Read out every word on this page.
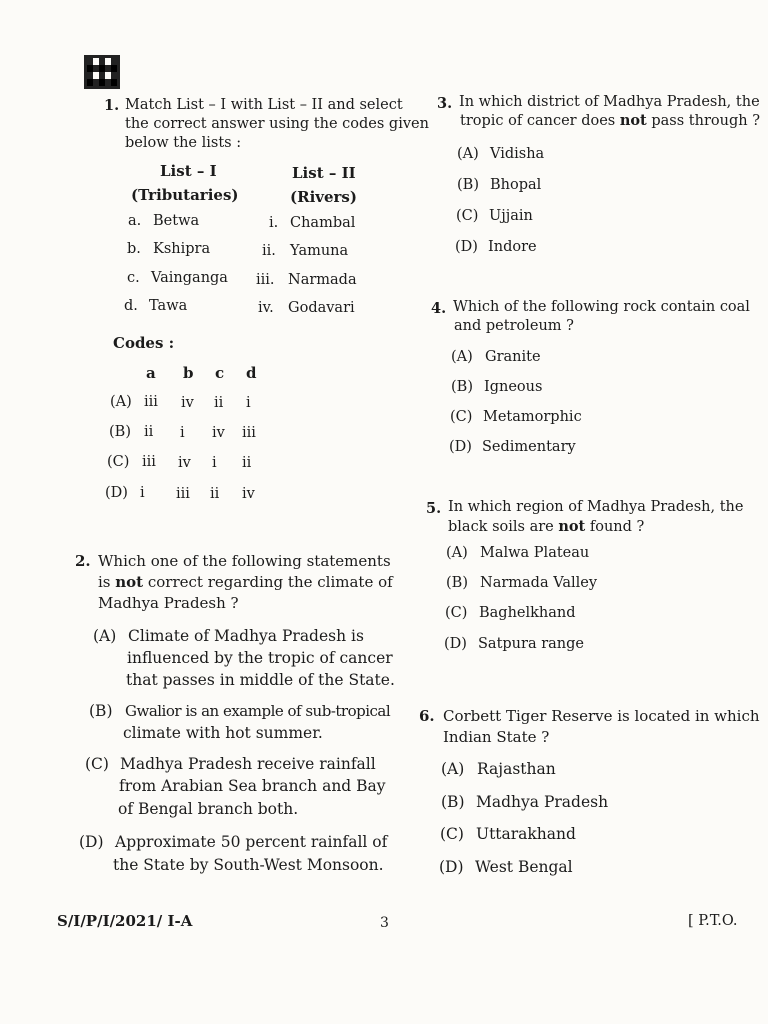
1. Match List – I with List – II and select
the correct answer using the codes given
below the lists :
List – I
(Tributaries)
List – II
(Rivers)
a. Betwa	i. Chambal
b. Kshipra	ii. Yamuna
c. Vainganga iii. Narmada
d. Tawa	iv. Godavari
Codes :
a b c d
(A) iii iv ii i
(B) ii i iv iii
(C) iii iv i ii
(D) i iii ii iv
2. Which one of the following statements
is not correct regarding the climate of
Madhya Pradesh ?
(A) Climate of Madhya Pradesh is
influenced by the tropic of cancer
that passes in middle of the State.
(B) Gwalior is an example of sub-tropical
climate with hot summer.
(C) Madhya Pradesh receive rainfall
from Arabian Sea branch and Bay
of Bengal branch both.
(D) Approximate 50 percent rainfall of
the State by South-West Monsoon.
3. In which district of Madhya Pradesh, the
tropic of cancer does not pass through ?
(A) Vidisha
(B) Bhopal
(C) Ujjain
(D) Indore
4. Which of the following rock contain coal
and petroleum ?
(A) Granite
(B) Igneous
(C) Metamorphic
(D) Sedimentary
5. In which region of Madhya Pradesh, the
black soils are not found ?
(A) Malwa Plateau
(B) Narmada Valley
(C) Baghelkhand
(D) Satpura range
6. Corbett Tiger Reserve is located in which
Indian State ?
(A) Rajasthan
(B) Madhya Pradesh
(C) Uttarakhand
(D) West Bengal
S/I/P/I/2021/ I-A	3	[ P.T.O.
